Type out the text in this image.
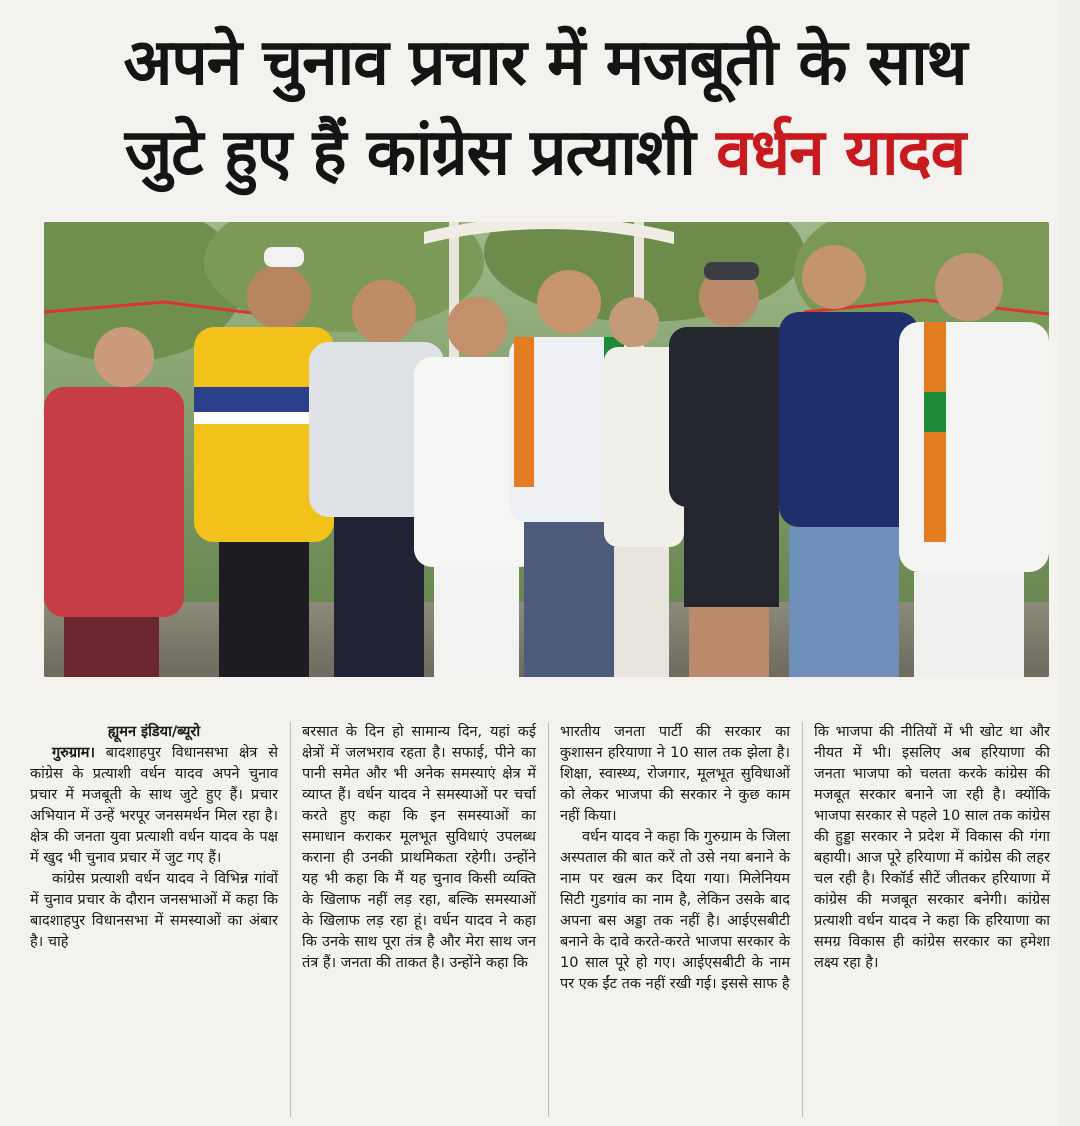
अपने चुनाव प्रचार में मजबूती के साथ
जुटे हुए हैं कांग्रेस प्रत्याशी वर्धन यादव
ह्यूमन इंडिया/ब्यूरो

गुरुग्राम। बादशाहपुर विधानसभा क्षेत्र से कांग्रेस के प्रत्याशी वर्धन यादव अपने चुनाव प्रचार में मजबूती के साथ जुटे हुए हैं। प्रचार अभियान में उन्हें भरपूर जनसमर्थन मिल रहा है। क्षेत्र की जनता युवा प्रत्याशी वर्धन यादव के पक्ष में खुद भी चुनाव प्रचार में जुट गए हैं।

कांग्रेस प्रत्याशी वर्धन यादव ने विभिन्न गांवों में चुनाव प्रचार के दौरान जनसभाओं में कहा कि बादशाहपुर विधानसभा में समस्याओं का अंबार है। चाहे

बरसात के दिन हो सामान्य दिन, यहां कई क्षेत्रों में जलभराव रहता है। सफाई, पीने का पानी समेत और भी अनेक समस्याएं क्षेत्र में व्याप्त हैं। वर्धन यादव ने समस्याओं पर चर्चा करते हुए कहा कि इन समस्याओं का समाधान कराकर मूलभूत सुविधाएं उपलब्ध कराना ही उनकी प्राथमिकता रहेगी। उन्होंने यह भी कहा कि मैं यह चुनाव किसी व्यक्ति के खिलाफ नहीं लड़ रहा, बल्कि समस्याओं के खिलाफ लड़ रहा हूं। वर्धन यादव ने कहा कि उनके साथ पूरा तंत्र है और मेरा साथ जन तंत्र हैं। जनता की ताकत है। उन्होंने कहा कि

भारतीय जनता पार्टी की सरकार का कुशासन हरियाणा ने 10 साल तक झेला है। शिक्षा, स्वास्थ्य, रोजगार, मूलभूत सुविधाओं को लेकर भाजपा की सरकार ने कुछ काम नहीं किया।

वर्धन यादव ने कहा कि गुरुग्राम के जिला अस्पताल की बात करें तो उसे नया बनाने के नाम पर खत्म कर दिया गया। मिलेनियम सिटी गुडगांव का नाम है, लेकिन उसके बाद अपना बस अड्डा तक नहीं है। आईएसबीटी बनाने के दावे करते-करते भाजपा सरकार के 10 साल पूरे हो गए। आईएसबीटी के नाम पर एक ईंट तक नहीं रखी गई। इससे साफ है

कि भाजपा की नीतियों में भी खोट था और नीयत में भी। इसलिए अब हरियाणा की जनता भाजपा को चलता करके कांग्रेस की मजबूत सरकार बनाने जा रही है। क्योंकि भाजपा सरकार से पहले 10 साल तक कांग्रेस की हुड्डा सरकार ने प्रदेश में विकास की गंगा बहायी। आज पूरे हरियाणा में कांग्रेस की लहर चल रही है। रिकॉर्ड सीटें जीतकर हरियाणा में कांग्रेस की मजबूत सरकार बनेगी। कांग्रेस प्रत्याशी वर्धन यादव ने कहा कि हरियाणा का समग्र विकास ही कांग्रेस सरकार का हमेशा लक्ष्य रहा है।
